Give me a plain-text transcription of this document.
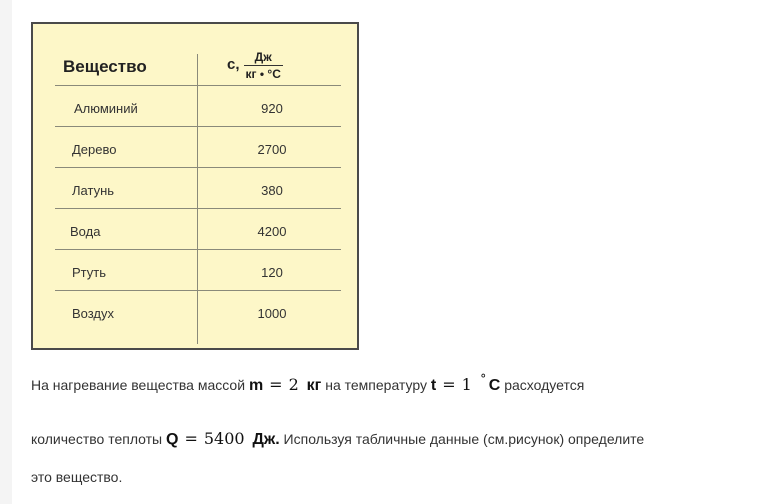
Вещество	с, $\frac{Дж}{кг • ^\circ С}$
Алюминий	920
Дерево	2700
Латунь	380
Вода	4200
Ртуть	120
Воздух	1000
На нагревание вещества массой m = 2 кг на температуру t = 1 ˚ С расходуется
количество теплоты Q = 5400 Дж. Используя табличные данные (см.рисунок) определите
это вещество.
